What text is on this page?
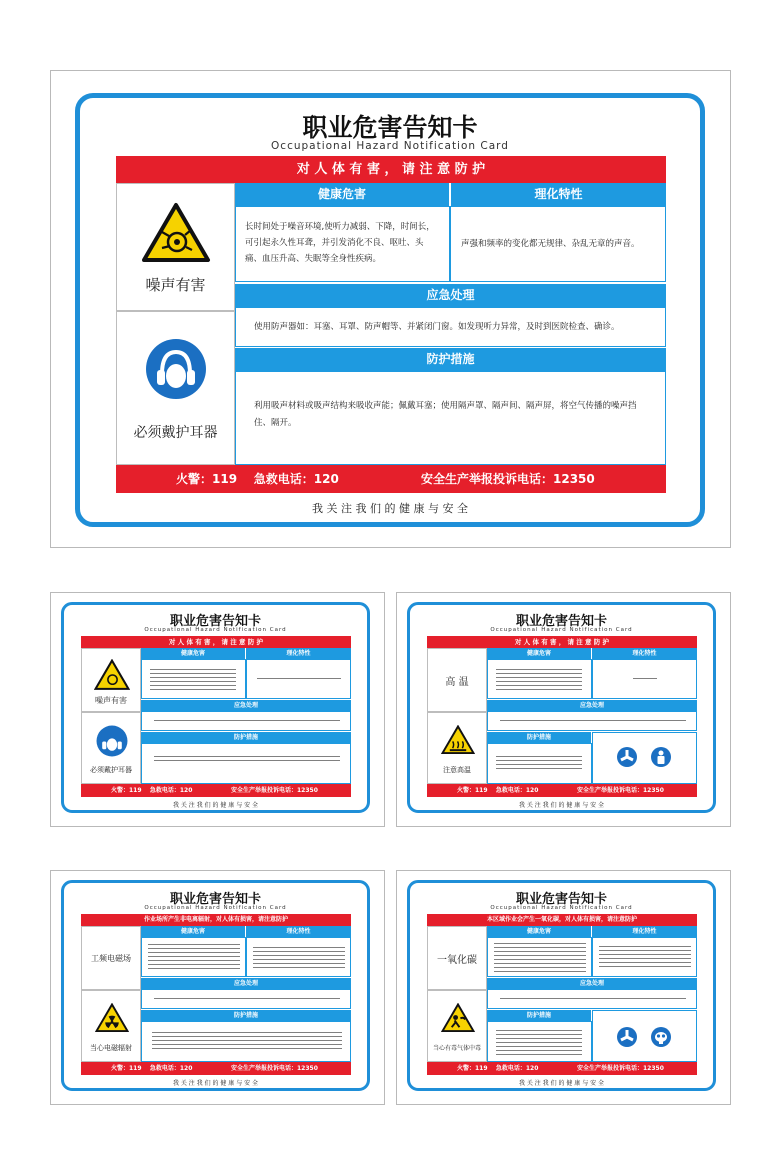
职业危害告知卡
Occupational Hazard Notification Card
对 人 体 有 害 ， 请 注 意 防 护
噪声有害
必须戴护耳器
健康危害	理化特性
长时间处于噪音环境,使听力减弱、下降，时间长，可引起永久性耳聋，并引发消化不良、呕吐、头痛、血压升高、失眠等全身性疾病。
声强和频率的变化都无规律、杂乱无章的声音。
应急处理
使用防声器如：耳塞、耳罩、防声帽等、并紧闭门窗。如发现听力异常，及时到医院检查、确诊。
防护措施
利用吸声材料或吸声结构来吸收声能；佩戴耳塞；使用隔声罩、隔声间、隔声屏，将空气传播的噪声挡住、隔开。
火警：119    急救电话：120	安全生产举报投诉电话：12350
我 关 注 我 们 的 健 康 与 安 全
职业危害告知卡
Occupational Hazard Notification Card
对 人 体 有 害 ， 请 注 意 防 护
噪声有害
必须戴护耳器
健康危害	理化特性
应急处理
防护措施
火警：119    急救电话：120	安全生产举报投诉电话：12350
我 关 注 我 们 的 健 康 与 安 全
职业危害告知卡
Occupational Hazard Notification Card
对 人 体 有 害 ， 请 注 意 防 护
高 温
注意高温
健康危害	理化特性
应急处理
防护措施
火警：119    急救电话：120	安全生产举报投诉电话：12350
我 关 注 我 们 的 健 康 与 安 全
职业危害告知卡
Occupational Hazard Notification Card
作业场所产生非电离辐射，对人体有损害，请注意防护
工频电磁场
当心电磁辐射
健康危害	理化特性
应急处理
防护措施
火警：119    急救电话：120	安全生产举报投诉电话：12350
我 关 注 我 们 的 健 康 与 安 全
职业危害告知卡
Occupational Hazard Notification Card
本区域作业会产生一氧化碳，对人体有损害，请注意防护
一氧化碳
当心有毒气体中毒
健康危害	理化特性
应急处理
防护措施
火警：119    急救电话：120	安全生产举报投诉电话：12350
我 关 注 我 们 的 健 康 与 安 全
